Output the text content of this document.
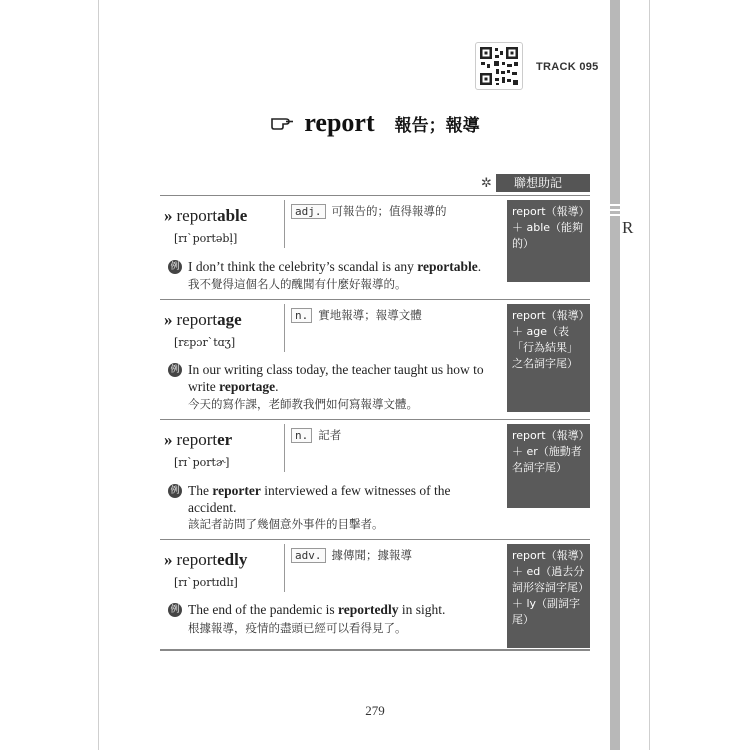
R
TRACK 095
report 報告；報導
✲ 聯想助記
» reportable
[rɪˋportəbḷ]
adj. 可報告的；值得報導的
例 I don’t think the celebrity’s scandal is any reportable.
我不覺得這個名人的醜聞有什麼好報導的。
report（報導）＋ able（能夠的）
» reportage
[rɛpɔrˋtɑʒ]
n. 實地報導；報導文體
例 In our writing class today, the teacher taught us how to write reportage.
今天的寫作課，老師教我們如何寫報導文體。
report（報導）＋ age（表「行為結果」之名詞字尾）
» reporter
[rɪˋportɚ]
n. 記者
例 The reporter interviewed a few witnesses of the accident.
該記者訪問了幾個意外事件的目擊者。
report（報導）＋ er（施動者名詞字尾）
» reportedly
[rɪˋportɪdlɪ]
adv. 據傳聞；據報導
例 The end of the pandemic is reportedly in sight.
根據報導，疫情的盡頭已經可以看得見了。
report（報導）＋ ed（過去分詞形容詞字尾）＋ ly（副詞字尾）
279
